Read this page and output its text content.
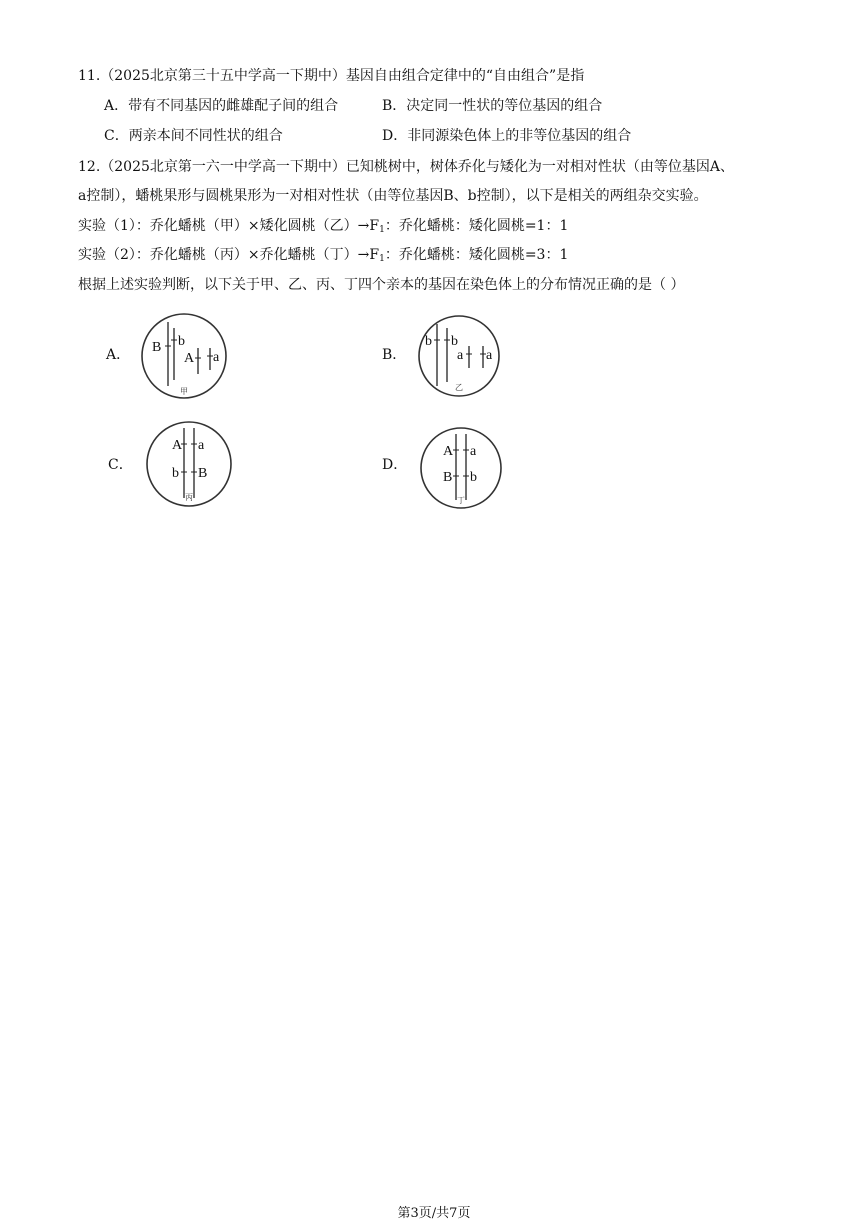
11.（2025北京第三十五中学高一下期中）基因自由组合定律中的“自由组合”是指
A．带有不同基因的雌雄配子间的组合	B．决定同一性状的等位基因的组合
C．两亲本间不同性状的组合	D．非同源染色体上的非等位基因的组合
12.（2025北京第一六一中学高一下期中）已知桃树中，树体乔化与矮化为一对相对性状（由等位基因A、
a控制），蟠桃果形与圆桃果形为一对相对性状（由等位基因B、b控制），以下是相关的两组杂交实验。
实验（1）：乔化蟠桃（甲）×矮化圆桃（乙）$\to F_1$：乔化蟠桃：矮化圆桃=1：1
实验（2）：乔化蟠桃（丙）×乔化蟠桃（丁）$\to F_1$：乔化蟠桃：矮化圆桃=3：1
根据上述实验判断，以下关于甲、乙、丙、丁四个亲本的基因在染色体上的分布情况正确的是（ ）
A． B b
A a
甲
B．
b b
a a
乙
C．
A a
b B
丙
D．
A a
B b
丁
第3页/共7页
